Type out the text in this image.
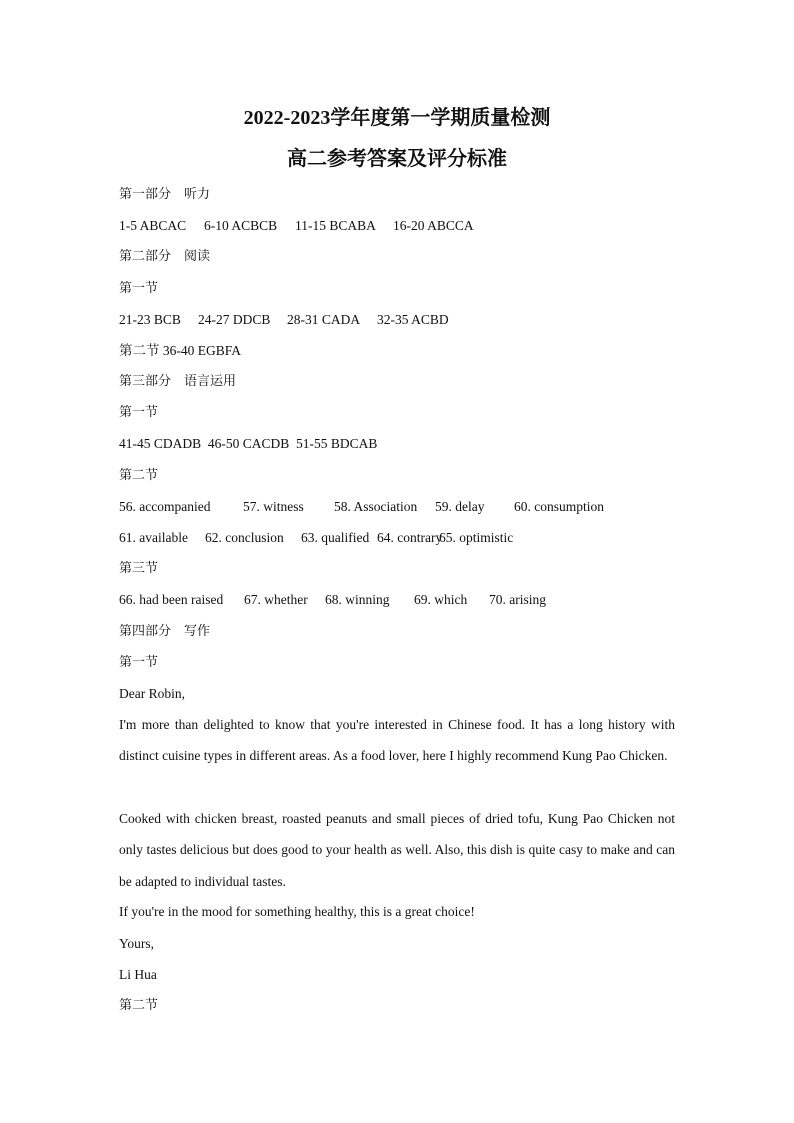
2022-2023学年度第一学期质量检测
高二参考答案及评分标准
第一部分　听力
1-5 ABCAC 6-10 ACBCB 11-15 BCABA 16-20 ABCCA
第二部分　阅读
第一节
21-23 BCB 24-27 DDCB 28-31 CADA 32-35 ACBD
第二节 36-40 EGBFA
第三部分　语言运用
第一节
41-45 CDADB  46-50 CACDB  51-55 BDCAB
第二节
56. accompanied 57. witness 58. Association 59. delay 60. consumption
61. available 62. conclusion 63. qualified 64. contrary
65. optimistic
第三节
66. had been raised 67. whether 68. winning 69. which 70. arising
第四部分　写作
第一节
Dear Robin,
I'm more than delighted to know that you're interested in Chinese food. It has a long history with distinct cuisine types in different areas. As a food lover, here I highly recommend Kung Pao Chicken.
Cooked with chicken breast, roasted peanuts and small pieces of dried tofu, Kung Pao Chicken not only tastes delicious but does good to your health as well. Also, this dish is quite casy to make and can be adapted to individual tastes.
If you're in the mood for something healthy, this is a great choice!
Yours,
Li Hua
第二节
